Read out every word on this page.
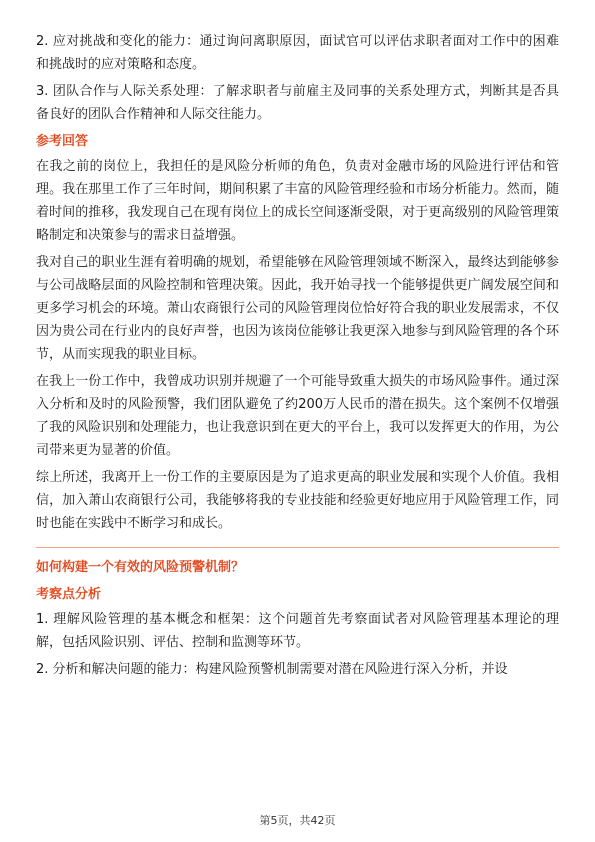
2. 应对挑战和变化的能力：通过询问离职原因，面试官可以评估求职者面对工作中的困难和挑战时的应对策略和态度。

3. 团队合作与人际关系处理：了解求职者与前雇主及同事的关系处理方式，判断其是否具备良好的团队合作精神和人际交往能力。

参考回答

在我之前的岗位上，我担任的是风险分析师的角色，负责对金融市场的风险进行评估和管理。我在那里工作了三年时间，期间积累了丰富的风险管理经验和市场分析能力。然而，随着时间的推移，我发现自己在现有岗位上的成长空间逐渐受限，对于更高级别的风险管理策略制定和决策参与的需求日益增强。

我对自己的职业生涯有着明确的规划，希望能够在风险管理领域不断深入，最终达到能够参与公司战略层面的风险控制和管理决策。因此，我开始寻找一个能够提供更广阔发展空间和更多学习机会的环境。萧山农商银行公司的风险管理岗位恰好符合我的职业发展需求，不仅因为贵公司在行业内的良好声誉，也因为该岗位能够让我更深入地参与到风险管理的各个环节，从而实现我的职业目标。

在我上一份工作中，我曾成功识别并规避了一个可能导致重大损失的市场风险事件。通过深入分析和及时的风险预警，我们团队避免了约200万人民币的潜在损失。这个案例不仅增强了我的风险识别和处理能力，也让我意识到在更大的平台上，我可以发挥更大的作用，为公司带来更为显著的价值。

综上所述，我离开上一份工作的主要原因是为了追求更高的职业发展和实现个人价值。我相信，加入萧山农商银行公司，我能够将我的专业技能和经验更好地应用于风险管理工作，同时也能在实践中不断学习和成长。

如何构建一个有效的风险预警机制？
考察点分析

1. 理解风险管理的基本概念和框架：这个问题首先考察面试者对风险管理基本理论的理解，包括风险识别、评估、控制和监测等环节。

2. 分析和解决问题的能力：构建风险预警机制需要对潜在风险进行深入分析，并设

第5页，共42页
